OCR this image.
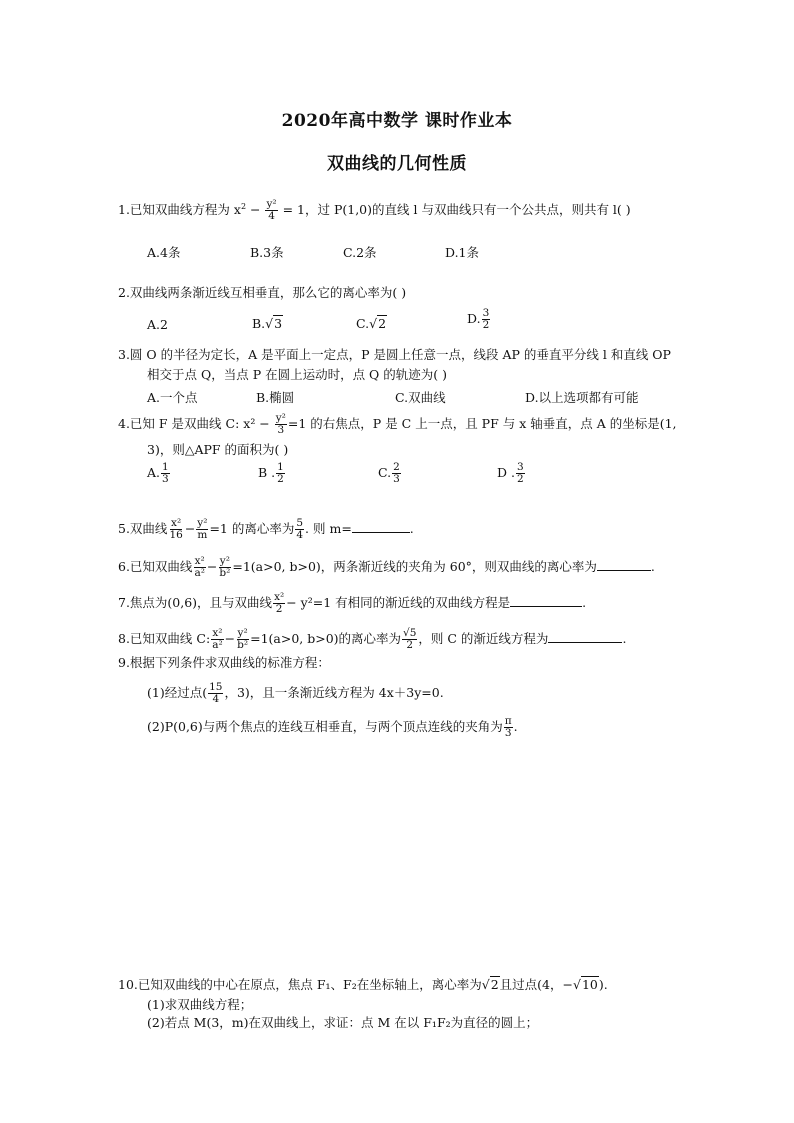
2020年高中数学 课时作业本
双曲线的几何性质
1.已知双曲线方程为 $x^2 - \frac{\text{y²}}{4} = 1$，过 P(1,0)的直线 l 与双曲线只有一个公共点，则共有 l( )
A.4条	B.3条	C.2条	D.1条
2.双曲线两条渐近线互相垂直，那么它的离心率为( )
A.2	B.√3	C.√2	D. $\frac{3}{2}$
3.圆 O 的半径为定长，A 是平面上一定点，P 是圆上任意一点，线段 AP 的垂直平分线 l 和直线 OP
相交于点 Q，当点 P 在圆上运动时，点 Q 的轨迹为( )
A.一个点	B.椭圆	C.双曲线	D.以上选项都有可能
4.已知 F 是双曲线 C: $x^2 - \frac{\text{y²}}{3} =1$ 的右焦点，P 是 C 上一点，且 PF 与 x 轴垂直，点 A 的坐标是(1,
3)，则△APF 的面积为( )
A. $\frac{1}{3}$	B . $\frac{1}{2}$	C. $\frac{2}{3}$	D . $\frac{3}{2}$
5.双曲线 $\frac{\text{x²}}{16} - \frac{\text{y²}}{m} =1$ 的离心率为 $\frac{5}{4}$ . 则 m=	.
6.已知双曲线 $\frac{\text{x²}}{\text{a²}} - \frac{\text{y²}}{\text{b²}} =1(a>0$, b>0)，两条渐近线的夹角为 60°，则双曲线的离心率为	.
7.焦点为(0,6)，且与双曲线 $\frac{\text{x²}}{2} - y^2=1$ 有相同的渐近线的双曲线方程是	.
8.已知双曲线 C: $\frac{\text{x²}}{\text{a²}} - \frac{\text{y²}}{\text{b²}} =1(a>0$, b>0)的离心率为 $\frac{√5}{2}$ ，则 C 的渐近线方程为	.
9.根据下列条件求双曲线的标准方程：
(1)经过点( $\frac{15}{4}$ ，3)，且一条渐近线方程为 4x＋3y=0.
(2)P(0,6)与两个焦点的连线互相垂直，与两个顶点连线的夹角为 $\frac{\pi}{3}$ .
10.已知双曲线的中心在原点，焦点 F₁、F₂在坐标轴上，离心率为√2且过点(4，−√10).
(1)求双曲线方程；
(2)若点 M(3，m)在双曲线上，求证：点 M 在以 F₁F₂为直径的圆上；
